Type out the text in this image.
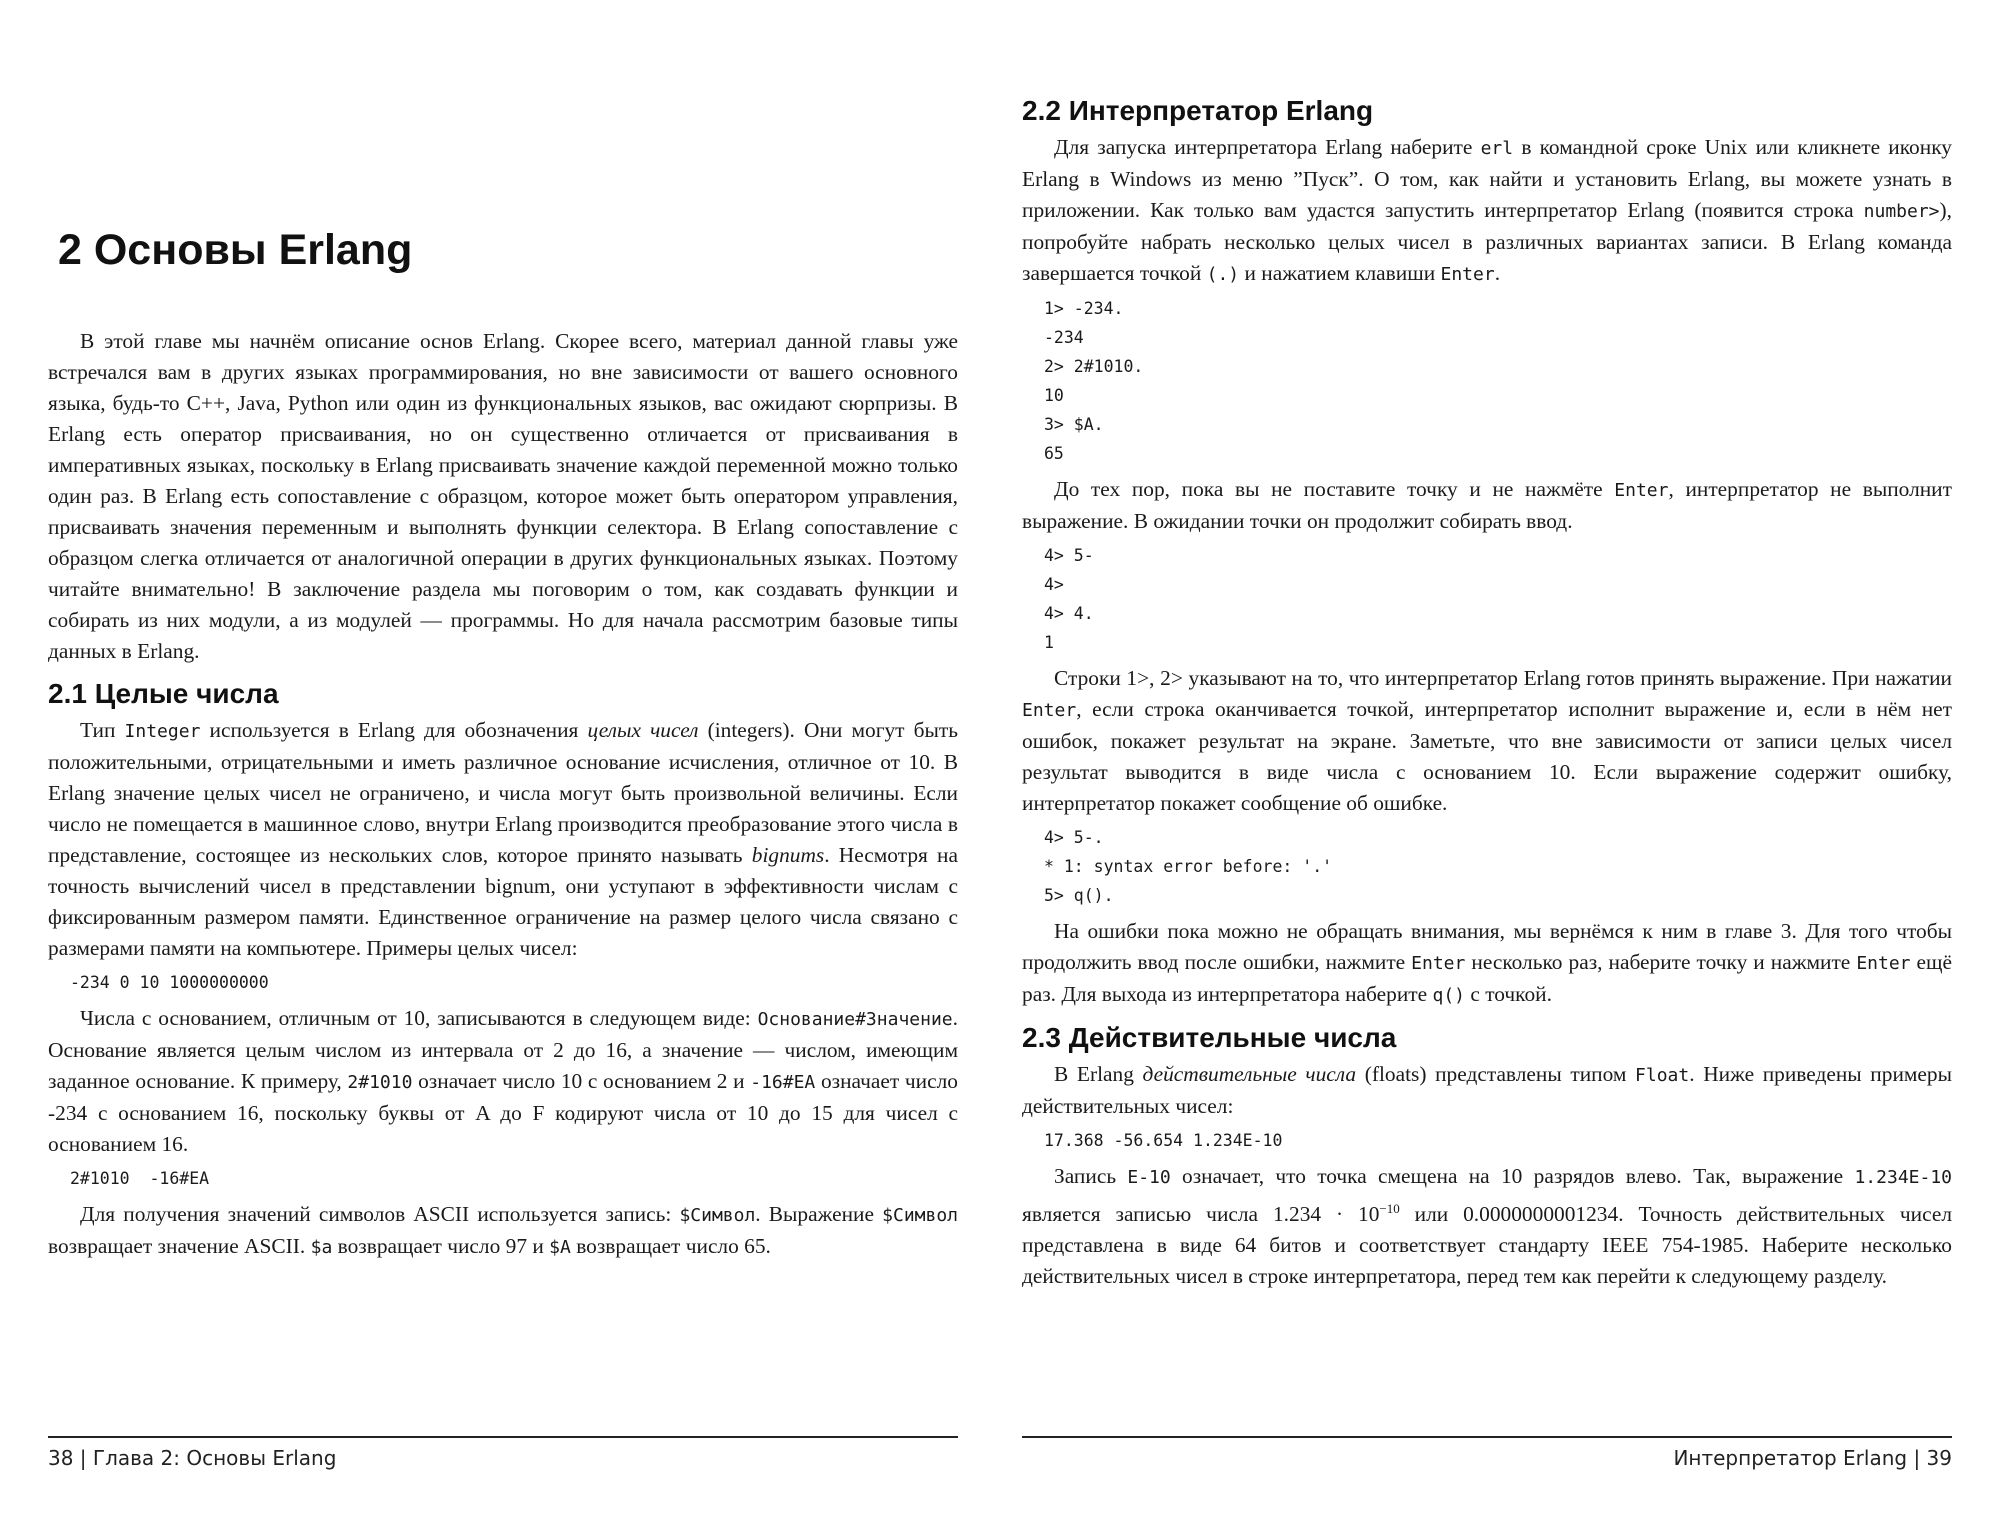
2 Основы Erlang

В этой главе мы начнём описание основ Erlang. Скорее всего, материал данной главы уже встречался вам в других языках программирования, но вне зависимости от вашего основного языка, будь-то C++, Java, Python или один из функциональных языков, вас ожидают сюрпризы. В Erlang есть оператор присваивания, но он существенно отличается от присваивания в императивных языках, поскольку в Erlang присваивать значение каждой переменной можно только один раз. В Erlang есть сопоставление с образцом, которое может быть оператором управления, присваивать значения переменным и выполнять функции селектора. В Erlang сопоставление с образцом слегка отличается от аналогичной операции в других функциональных языках. Поэтому читайте внимательно! В заключение раздела мы поговорим о том, как создавать функции и собирать из них модули, а из модулей — программы. Но для начала рассмотрим базовые типы данных в Erlang.

2.1 Целые числа

Тип Integer используется в Erlang для обозначения целых чисел (integers). Они могут быть положительными, отрицательными и иметь различное основание исчисления, отличное от 10. В Erlang значение целых чисел не ограничено, и числа могут быть произвольной величины. Если число не помещается в машинное слово, внутри Erlang производится преобразование этого числа в представление, состоящее из нескольких слов, которое принято называть bignums. Несмотря на точность вычислений чисел в представлении bignum, они уступают в эффективности числам с фиксированным размером памяти. Единственное ограничение на размер целого числа связано с размерами памяти на компьютере. Примеры целых чисел:

-234 0 10 1000000000

Числа с основанием, отличным от 10, записываются в следующем виде: Основание#Значение. Основание является целым числом из интервала от 2 до 16, а значение — числом, имеющим заданное основание. К примеру, 2#1010 означает число 10 с основанием 2 и -16#EA означает число -234 с основанием 16, поскольку буквы от A до F кодируют числа от 10 до 15 для чисел с основанием 16.

2#1010  -16#EA

Для получения значений символов ASCII используется запись: $Символ. Выражение $Символ возвращает значение ASCII. $a возвращает число 97 и $A возвращает число 65.

38 | Глава 2: Основы Erlang
2.2 Интерпретатор Erlang

Для запуска интерпретатора Erlang наберите erl в командной сроке Unix или кликнете иконку Erlang в Windows из меню ”Пуск”. О том, как найти и установить Erlang, вы можете узнать в приложении. Как только вам удастся запустить интерпретатор Erlang (появится строка number>), попробуйте набрать несколько целых чисел в различных вариантах записи. В Erlang команда завершается точкой (.) и нажатием клавиши Enter.

1> -234.
-234
2> 2#1010.
10
3> $A.
65

До тех пор, пока вы не поставите точку и не нажмёте Enter, интерпретатор не выполнит выражение. В ожидании точки он продолжит собирать ввод.

4> 5-
4>
4> 4.
1

Строки 1>, 2> указывают на то, что интерпретатор Erlang готов принять выражение. При нажатии Enter, если строка оканчивается точкой, интерпретатор исполнит выражение и, если в нём нет ошибок, покажет результат на экране. Заметьте, что вне зависимости от записи целых чисел результат выводится в виде числа с основанием 10. Если выражение содержит ошибку, интерпретатор покажет сообщение об ошибке.

4> 5-.
* 1: syntax error before: '.'
5> q().

На ошибки пока можно не обращать внимания, мы вернёмся к ним в главе 3. Для того чтобы продолжить ввод после ошибки, нажмите Enter несколько раз, наберите точку и нажмите Enter ещё раз. Для выхода из интерпретатора наберите q() с точкой.

2.3 Действительные числа

В Erlang действительные числа (floats) представлены типом Float. Ниже приведены примеры действительных чисел:

17.368 -56.654 1.234E-10

Запись E-10 означает, что точка смещена на 10 разрядов влево. Так, выражение 1.234E-10 является записью числа $1.234 \cdot 10^{-10}$ или 0.0000000001234. Точность действительных чисел представлена в виде 64 битов и соответствует стандарту IEEE 754-1985. Наберите несколько действительных чисел в строке интерпретатора, перед тем как перейти к следующему разделу.

Интерпретатор Erlang | 39
